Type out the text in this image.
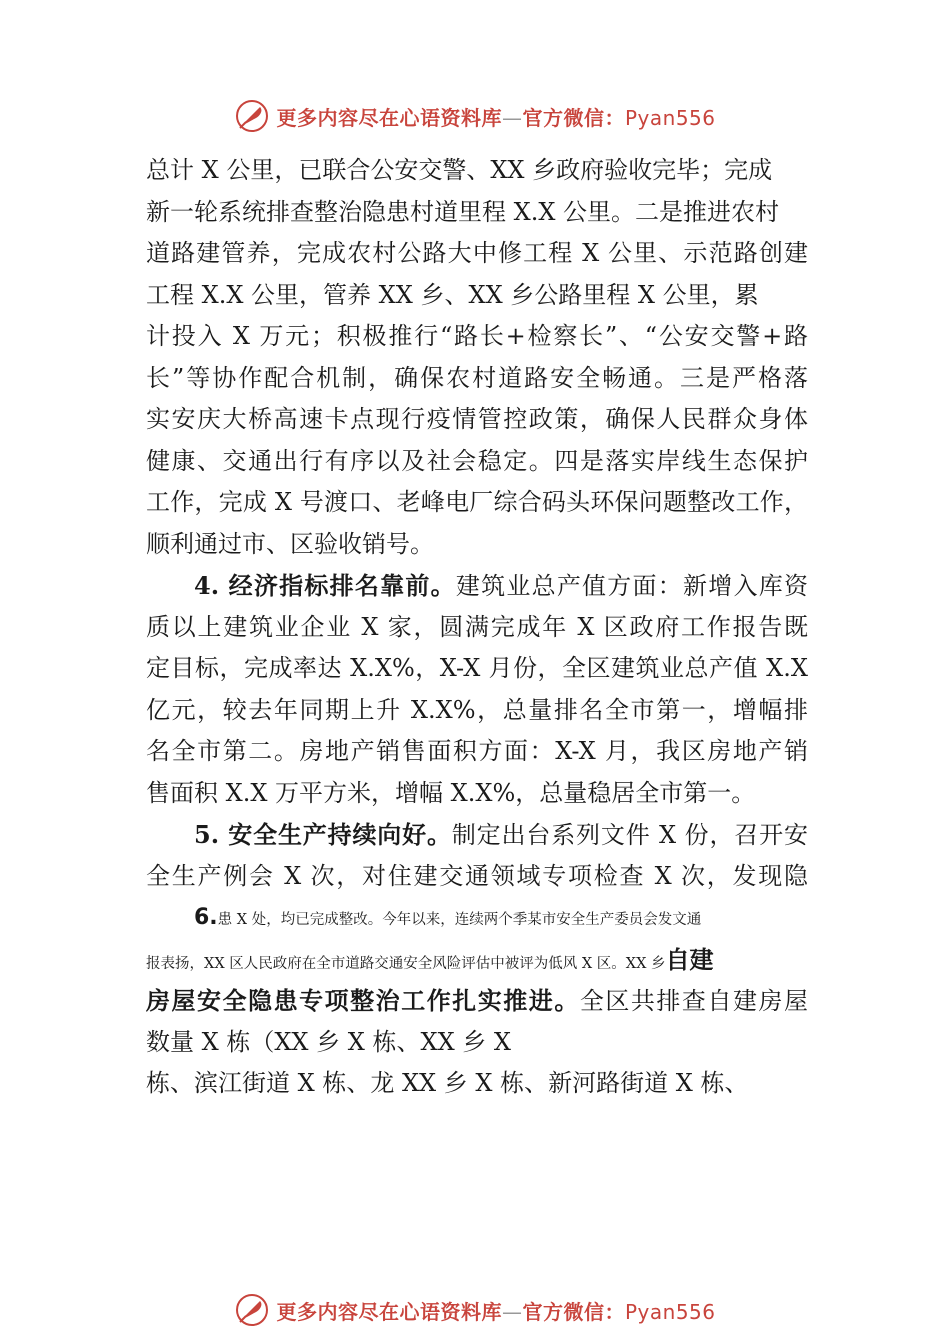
更多内容尽在心语资料库—官方微信：Pyan556
总计 X 公里，已联合公安交警、XX 乡政府验收完毕；完成
新一轮系统排查整治隐患村道里程 X.X 公里。二是推进农村
道路建管养，完成农村公路大中修工程 X 公里、示范路创建
工程 X.X 公里，管养 XX 乡、XX 乡公路里程 X 公里，累
计投入 X 万元；积极推行“路长+检察长”、“公安交警+路
长”等协作配合机制，确保农村道路安全畅通。三是严格落
实安庆大桥高速卡点现行疫情管控政策，确保人民群众身体
健康、交通出行有序以及社会稳定。四是落实岸线生态保护
工作，完成 X 号渡口、老峰电厂综合码头环保问题整改工作，
顺利通过市、区验收销号。
4. 经济指标排名靠前。建筑业总产值方面：新增入库资
质以上建筑业企业 X 家，圆满完成年 X 区政府工作报告既
定目标，完成率达 X.X%，X-X 月份，全区建筑业总产值 X.X
亿元，较去年同期上升 X.X%，总量排名全市第一，增幅排
名全市第二。房地产销售面积方面：X-X 月，我区房地产销
售面积 X.X 万平方米，增幅 X.X%，总量稳居全市第一。
5. 安全生产持续向好。制定出台系列文件 X 份，召开安
全生产例会 X 次，对住建交通领域专项检查 X 次，发现隐
6.患 X 处，均已完成整改。今年以来，连续两个季某市安全生产委员会发文通
报表扬，XX 区人民政府在全市道路交通安全风险评估中被评为低风 X 区。XX 乡自建
房屋安全隐患专项整治工作扎实推进。全区共排查自建房屋
数量 X 栋（XX 乡 X 栋、XX 乡 X
栋、滨江街道 X 栋、龙 XX 乡 X 栋、新河路街道 X 栋、
更多内容尽在心语资料库—官方微信：Pyan556
